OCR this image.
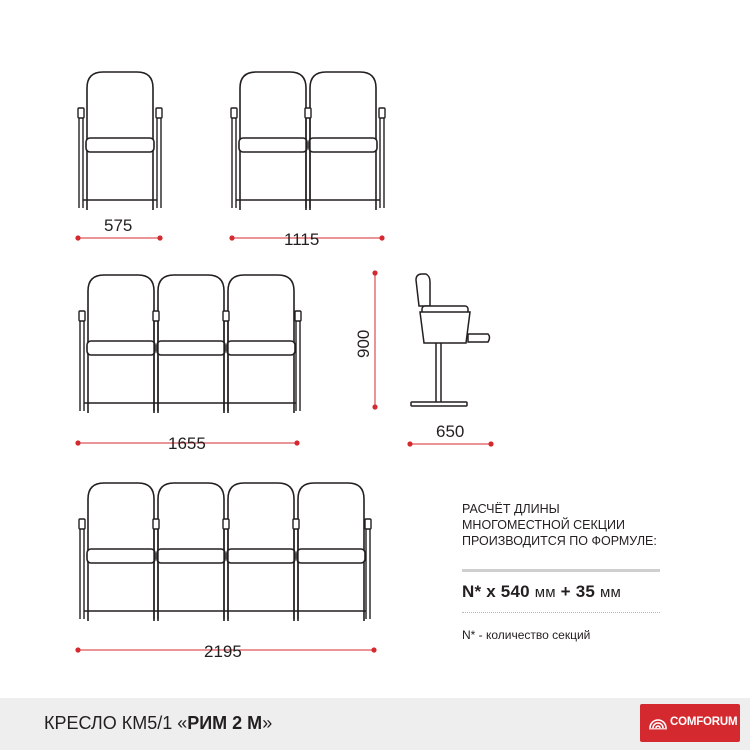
575
1115
1655
900
650
2195
РАСЧЁТ ДЛИНЫ
МНОГОМЕСТНОЙ СЕКЦИИ
ПРОИЗВОДИТСЯ ПО ФОРМУЛЕ:
N* x 540 мм + 35 мм
N* - количество секций
КРЕСЛО КМ5/1 «РИМ 2 М»	COMFORUM
